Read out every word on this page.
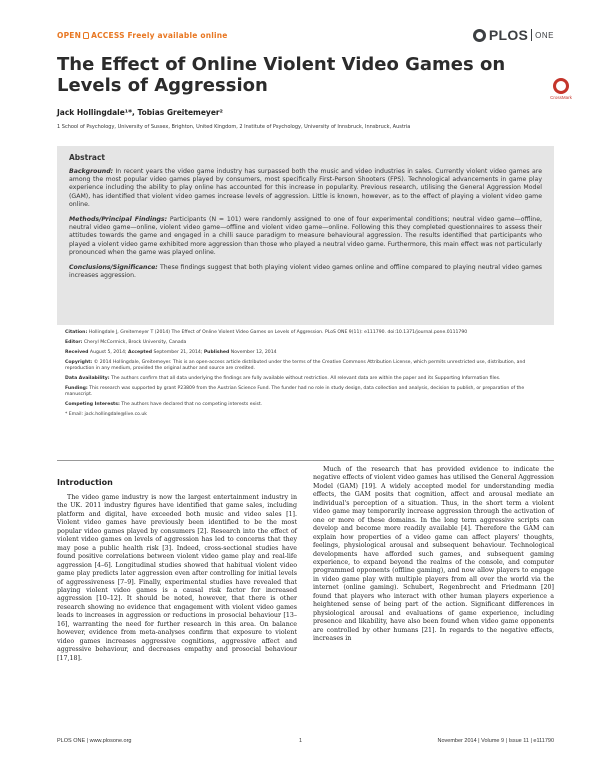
OPEN ACCESS Freely available online	PLOS ONE
The Effect of Online Violent Video Games on Levels of Aggression
CrossMark
Jack Hollingdale¹*, Tobias Greitemeyer²
1 School of Psychology, University of Sussex, Brighton, United Kingdom, 2 Institute of Psychology, University of Innsbruck, Innsbruck, Austria
Abstract

Background: In recent years the video game industry has surpassed both the music and video industries in sales. Currently violent video games are among the most popular video games played by consumers, most specifically First-Person Shooters (FPS). Technological advancements in game play experience including the ability to play online has accounted for this increase in popularity. Previous research, utilising the General Aggression Model (GAM), has identified that violent video games increase levels of aggression. Little is known, however, as to the effect of playing a violent video game online.

Methods/Principal Findings: Participants (N = 101) were randomly assigned to one of four experimental conditions; neutral video game—offline, neutral video game—online, violent video game—offline and violent video game—online. Following this they completed questionnaires to assess their attitudes towards the game and engaged in a chilli sauce paradigm to measure behavioural aggression. The results identified that participants who played a violent video game exhibited more aggression than those who played a neutral video game. Furthermore, this main effect was not particularly pronounced when the game was played online.

Conclusions/Significance: These findings suggest that both playing violent video games online and offline compared to playing neutral video games increases aggression.

Citation: Hollingdale J, Greitemeyer T (2014) The Effect of Online Violent Video Games on Levels of Aggression. PLoS ONE 9(11): e111790. doi:10.1371/journal.pone.0111790

Editor: Cheryl McCormick, Brock University, Canada

Received August 5, 2014; Accepted September 21, 2014; Published November 12, 2014

Copyright: © 2014 Hollingdale, Greitemeyer. This is an open-access article distributed under the terms of the Creative Commons Attribution License, which permits unrestricted use, distribution, and reproduction in any medium, provided the original author and source are credited.

Data Availability: The authors confirm that all data underlying the findings are fully available without restriction. All relevant data are within the paper and its Supporting Information files.

Funding: This research was supported by grant P23809 from the Austrian Science Fund. The funder had no role in study design, data collection and analysis, decision to publish, or preparation of the manuscript.

Competing Interests: The authors have declared that no competing interests exist.

* Email: jack.hollingdale@live.co.uk

Introduction

The video game industry is now the largest entertainment industry in the UK. 2011 industry figures have identified that game sales, including platform and digital, have exceeded both music and video sales [1]. Violent video games have previously been identified to be the most popular video games played by consumers [2]. Research into the effect of violent video games on levels of aggression has led to concerns that they may pose a public health risk [3]. Indeed, cross-sectional studies have found positive correlations between violent video game play and real-life aggression [4–6]. Longitudinal studies showed that habitual violent video game play predicts later aggression even after controlling for initial levels of aggressiveness [7–9]. Finally, experimental studies have revealed that playing violent video games is a causal risk factor for increased aggression [10–12]. It should be noted, however, that there is other research showing no evidence that engagement with violent video games leads to increases in aggression or reductions in prosocial behaviour [13–16], warranting the need for further research in this area. On balance however, evidence from meta-analyses confirm that exposure to violent video games increases aggressive cognitions, aggressive affect and aggressive behaviour, and decreases empathy and prosocial behaviour [17,18].

Much of the research that has provided evidence to indicate the negative effects of violent video games has utilised the General Aggression Model (GAM) [19]. A widely accepted model for understanding media effects, the GAM posits that cognition, affect and arousal mediate an individual's perception of a situation. Thus, in the short term a violent video game may temporarily increase aggression through the activation of one or more of these domains. In the long term aggressive scripts can develop and become more readily available [4]. Therefore the GAM can explain how properties of a video game can affect players' thoughts, feelings, physiological arousal and subsequent behaviour. Technological developments have afforded such games, and subsequent gaming experience, to expand beyond the realms of the console, and computer programmed opponents (offline gaming), and now allow players to engage in video game play with multiple players from all over the world via the internet (online gaming). Schubert, Regenbrecht and Friedmann [20] found that players who interact with other human players experience a heightened sense of being part of the action. Significant differences in physiological arousal and evaluations of game experience, including presence and likability, have also been found when video game opponents are controlled by other humans [21]. In regards to the negative effects, increases in

PLOS ONE | www.plosone.org	1	November 2014 | Volume 9 | Issue 11 | e111790
